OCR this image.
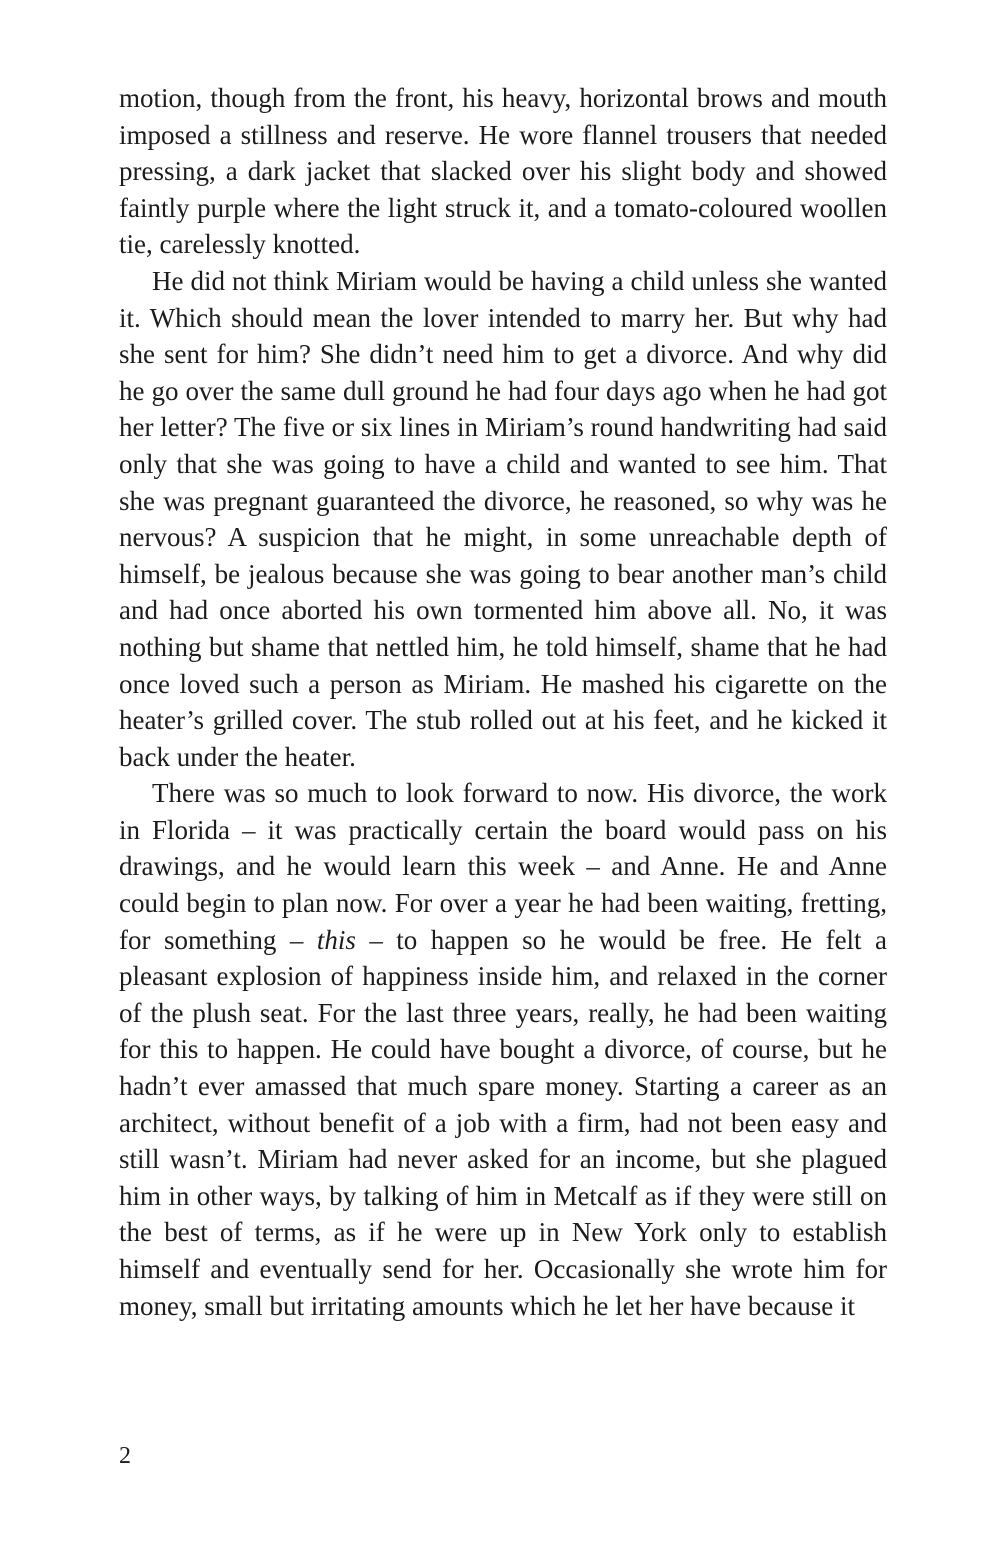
motion, though from the front, his heavy, horizontal brows and mouth imposed a stillness and reserve. He wore flannel trousers that needed pressing, a dark jacket that slacked over his slight body and showed faintly purple where the light struck it, and a tomato-coloured woollen tie, carelessly knotted.

He did not think Miriam would be having a child unless she wanted it. Which should mean the lover intended to marry her. But why had she sent for him? She didn’t need him to get a divorce. And why did he go over the same dull ground he had four days ago when he had got her letter? The five or six lines in Miriam’s round handwriting had said only that she was going to have a child and wanted to see him. That she was pregnant guaranteed the divorce, he reasoned, so why was he nervous? A suspicion that he might, in some unreachable depth of himself, be jealous because she was going to bear another man’s child and had once aborted his own tormented him above all. No, it was nothing but shame that nettled him, he told himself, shame that he had once loved such a person as Miriam. He mashed his cigarette on the heater’s grilled cover. The stub rolled out at his feet, and he kicked it back under the heater.

There was so much to look forward to now. His divorce, the work in Florida – it was practically certain the board would pass on his drawings, and he would learn this week – and Anne. He and Anne could begin to plan now. For over a year he had been waiting, fretting, for something – this – to happen so he would be free. He felt a pleasant explosion of happiness inside him, and relaxed in the corner of the plush seat. For the last three years, really, he had been waiting for this to happen. He could have bought a divorce, of course, but he hadn’t ever amassed that much spare money. Starting a career as an architect, without benefit of a job with a firm, had not been easy and still wasn’t. Miriam had never asked for an income, but she plagued him in other ways, by talking of him in Metcalf as if they were still on the best of terms, as if he were up in New York only to establish himself and eventually send for her. Occasionally she wrote him for money, small but irritating amounts which he let her have because it

2
